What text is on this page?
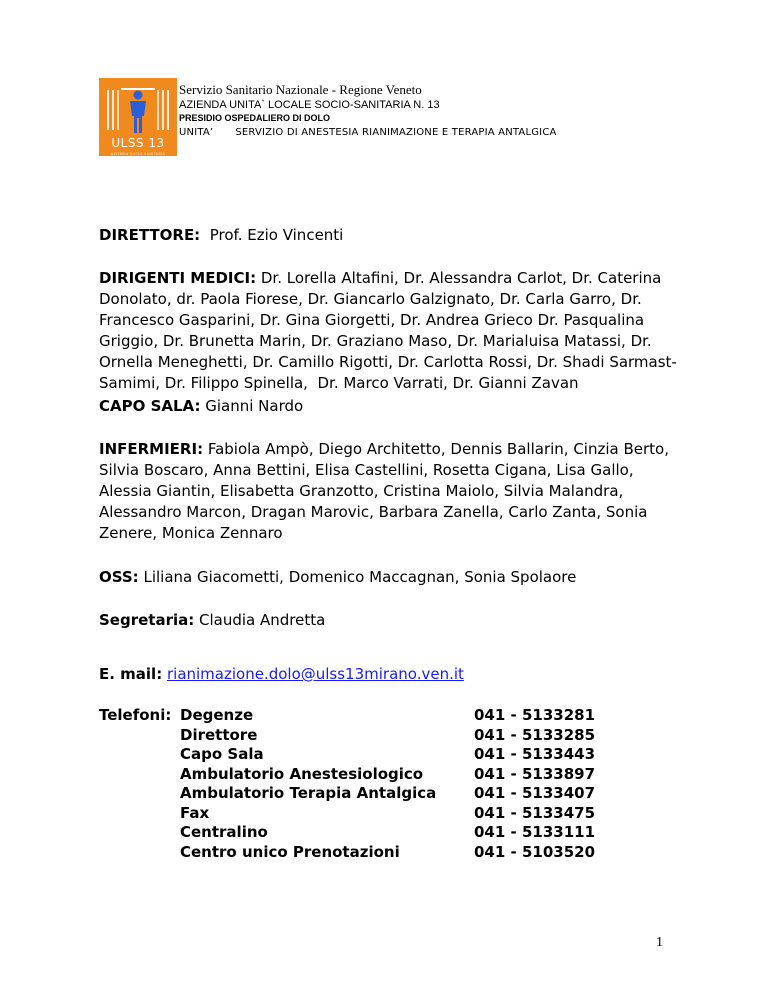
ULSS 13
AZIENDA SOCIO SANITARIA
Servizio Sanitario Nazionale - Regione Veneto
AZIENDA UNITA` LOCALE SOCIO-SANITARIA N. 13
PRESIDIO OSPEDALIERO DI DOLO
UNITA’ SERVIZIO DI ANESTESIA RIANIMAZIONE E TERAPIA ANTALGICA
DIRETTORE:  Prof. Ezio Vincenti
DIRIGENTI MEDICI: Dr. Lorella Altafini, Dr. Alessandra Carlot, Dr. Caterina Donolato, dr. Paola Fiorese, Dr. Giancarlo Galzignato, Dr. Carla Garro, Dr. Francesco Gasparini, Dr. Gina Giorgetti, Dr. Andrea Grieco Dr. Pasqualina Griggio, Dr. Brunetta Marin, Dr. Graziano Maso, Dr. Marialuisa Matassi, Dr. Ornella Meneghetti, Dr. Camillo Rigotti, Dr. Carlotta Rossi, Dr. Shadi Sarmast-Samimi, Dr. Filippo Spinella,  Dr. Marco Varrati, Dr. Gianni Zavan
CAPO SALA: Gianni Nardo
INFERMIERI: Fabiola Ampò, Diego Architetto, Dennis Ballarin, Cinzia Berto, Silvia Boscaro, Anna Bettini, Elisa Castellini, Rosetta Cigana, Lisa Gallo, Alessia Giantin, Elisabetta Granzotto, Cristina Maiolo, Silvia Malandra, Alessandro Marcon, Dragan Marovic, Barbara Zanella, Carlo Zanta, Sonia Zenere, Monica Zennaro
OSS: Liliana Giacometti, Domenico Maccagnan, Sonia Spolaore
Segretaria: Claudia Andretta
E. mail: rianimazione.dolo@ulss13mirano.ven.it
Telefoni: Degenze
Direttore
Capo Sala
Ambulatorio Anestesiologico
Ambulatorio Terapia Antalgica
Fax
Centralino
Centro unico Prenotazioni
041 - 5133281
041 - 5133285
041 - 5133443
041 - 5133897
041 - 5133407
041 - 5133475
041 - 5133111
041 - 5103520
1
